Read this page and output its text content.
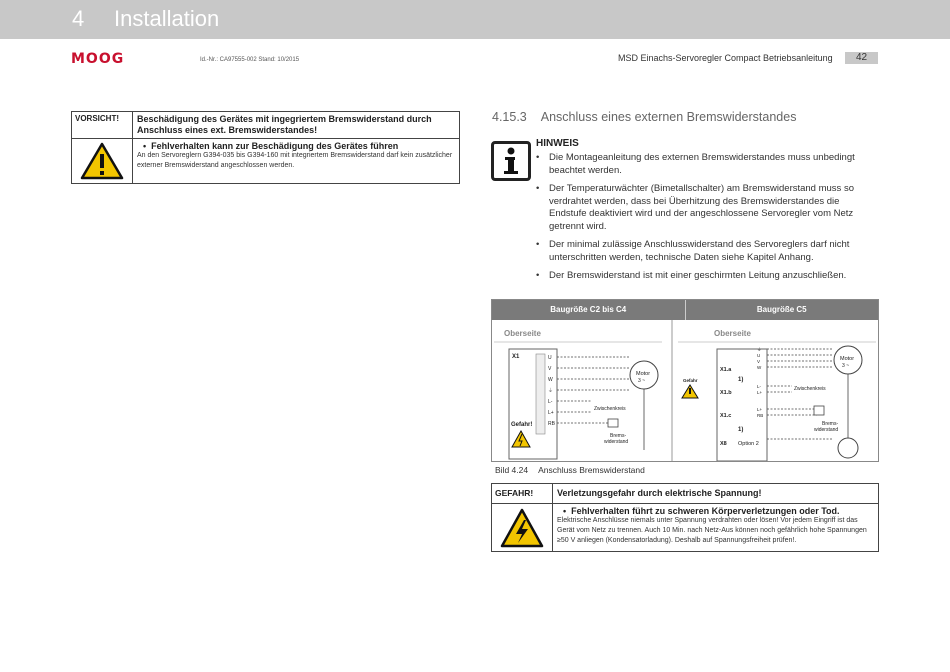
4 Installation
MOOG	Id.-Nr.: CA97555-002 Stand: 10/2015	MSD Einachs-Servoregler Compact Betriebsanleitung	42
VORSICHT!	Beschädigung des Gerätes mit ingegriertem Bremswiderstand durch Anschluss eines ext. Bremswiderstandes!
•  Fehlverhalten kann zur Beschädigung des Gerätes führen
An den Servoreglern G394-035 bis G394-160 mit integriertem Bremswiderstand darf kein zusätzlicher externer Bremswiderstand angeschlossen werden.
4.15.3 Anschluss eines externen Bremswiderstandes
HINWEIS
• Die Montageanleitung des externen Bremswiderstandes muss unbedingt beachtet werden.
• Der Temperaturwächter (Bimetallschalter) am Bremswiderstand muss so verdrahtet werden, dass bei Überhitzung des Bremswiderstandes die Endstufe deaktiviert wird und der angeschlossene Servoregler vom Netz getrennt wird.
• Der minimal zulässige Anschlusswiderstand des Servoreglers darf nicht unterschritten werden, technische Daten siehe Kapitel Anhang.
• Der Bremswiderstand ist mit einer geschirmten Leitung anzuschließen.
Baugröße C2 bis C4	Baugröße C5
Oberseite
X1
Gefahr!
U
V
W
⏚
L-
L+
RB
Motor
3 ~
Zwischenkreis
Brems-
widerstand
Oberseite
X1.a
X1.b
X1.c
X8 Option 2
1)
1)
⏚
U
V
W
L-
L+
L+
RB
Gefahr
Motor
3 ~
Zwischenkreis
Brems-
widerstand
Bild 4.24 Anschluss Bremswiderstand
GEFAHR!	Verletzungsgefahr durch elektrische Spannung!
•  Fehlverhalten führt zu schweren Körperverletzungen oder Tod.
Elektrische Anschlüsse niemals unter Spannung verdrahten oder lösen! Vor jedem Eingriff ist das Gerät vom Netz zu trennen. Auch 10 Min. nach Netz-Aus können noch gefährlich hohe Spannungen ≥50 V anliegen (Kondensatorladung). Deshalb auf Spannungsfreiheit prüfen!.
